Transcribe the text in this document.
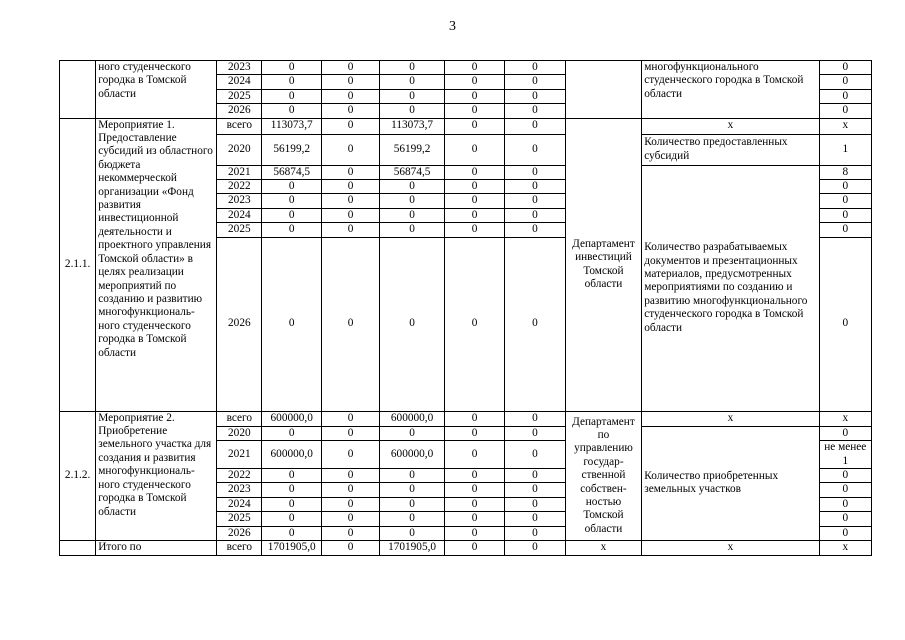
3
	ного студенческого городка в Томской области	2023	0	0	0	0	0		многофункционального студенческого городка в Томской области	0
		2024	0	0	0	0	0			0
		2025	0	0	0	0	0			0
		2026	0	0	0	0	0			0
2.1.1.	Мероприятие 1. Предоставление субсидий из областного бюджета некоммерческой организации «Фонд развития инвестиционной деятельности и проектного управления Томской области» в целях реализации мероприятий по созданию и развитию многофункциональ-ного студенческого городка в Томской области	всего	113073,7	0	113073,7	0	0	Департамент инвестиций Томской области	x	x
		2020	56199,2	0	56199,2	0	0		Количество предоставленных субсидий	1
		2021	56874,5	0	56874,5	0	0		Количество разрабатываемых документов и презентационных материалов, предусмотренных мероприятиями по созданию и развитию многофункционального студенческого городка в Томской области	8
		2022	0	0	0	0	0			0
		2023	0	0	0	0	0			0
		2024	0	0	0	0	0			0
		2025	0	0	0	0	0			0
		2026	0	0	0	0	0			0
2.1.2.	Мероприятие 2. Приобретение земельного участка для создания и развития многофункциональ-ного студенческого городка в Томской области	всего	600000,0	0	600000,0	0	0	Департамент по управлению государ-ственной собствен-ностью Томской области	x	x
		2020	0	0	0	0	0		Количество приобретенных земельных участков	0
		2021	600000,0	0	600000,0	0	0			не менее 1
		2022	0	0	0	0	0			0
		2023	0	0	0	0	0			0
		2024	0	0	0	0	0			0
		2025	0	0	0	0	0			0
		2026	0	0	0	0	0			0
	Итого по	всего	1701905,0	0	1701905,0	0	0	x	x	x
